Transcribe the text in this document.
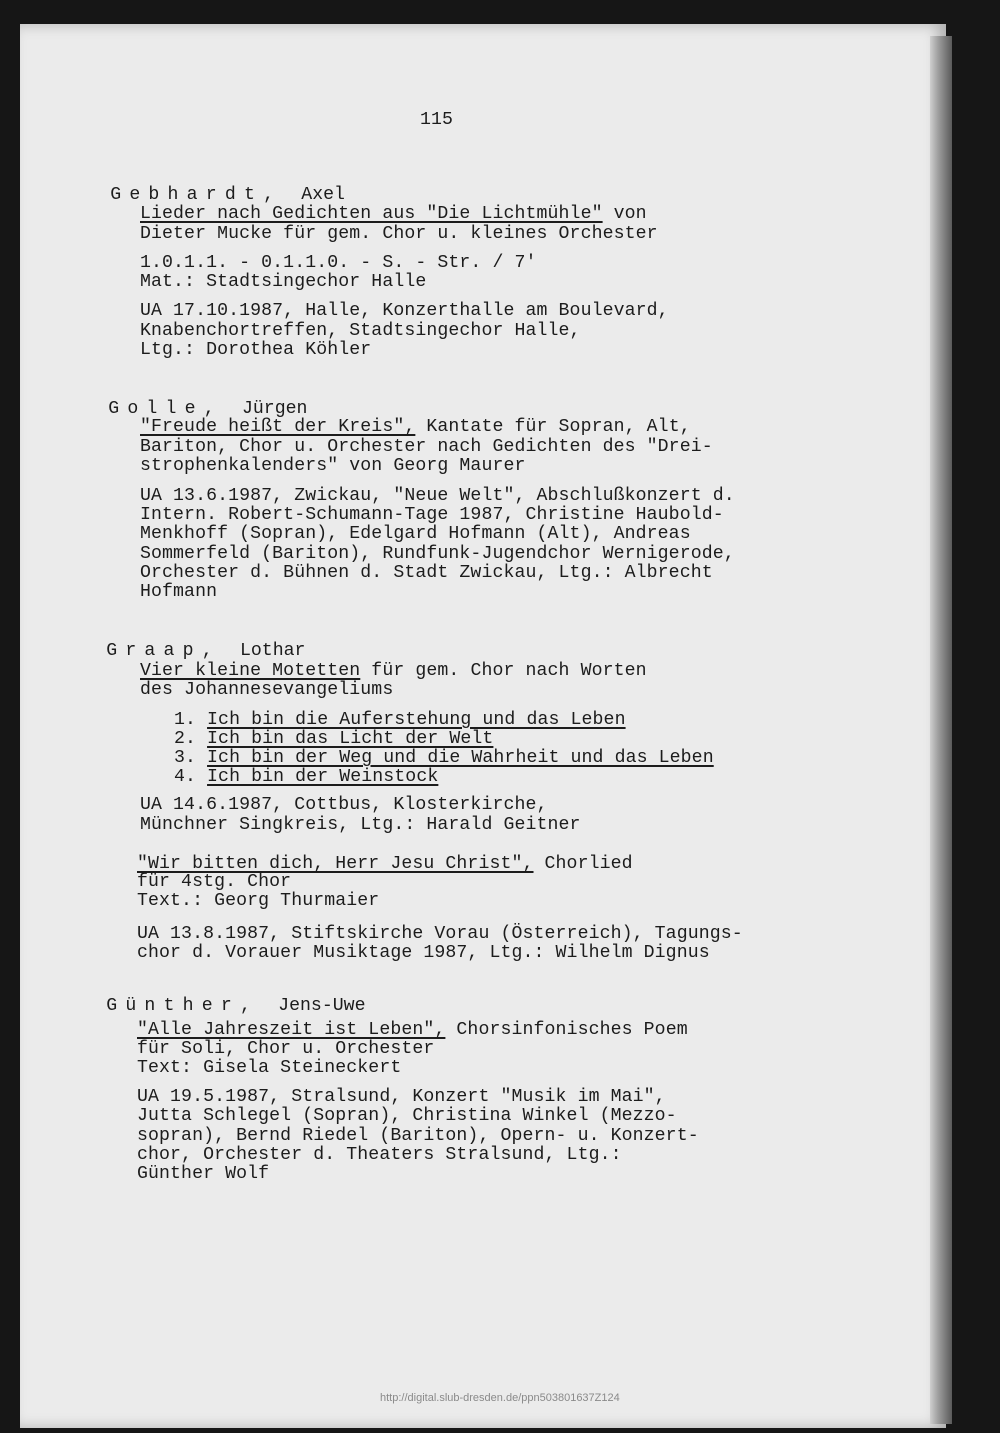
115

Gebhardt, Axel

Lieder nach Gedichten aus "Die Lichtmühle" von
Dieter Mucke für gem. Chor u. kleines Orchester
1.0.1.1. - 0.1.1.0. - S. - Str. / 7'
Mat.: Stadtsingechor Halle
UA 17.10.1987, Halle, Konzerthalle am Boulevard,
Knabenchortreffen, Stadtsingechor Halle,
Ltg.: Dorothea Köhler

Golle, Jürgen

"Freude heißt der Kreis", Kantate für Sopran, Alt,
Bariton, Chor u. Orchester nach Gedichten des "Drei-
strophenkalenders" von Georg Maurer
UA 13.6.1987, Zwickau, "Neue Welt", Abschlußkonzert d.
Intern. Robert-Schumann-Tage 1987, Christine Haubold-
Menkhoff (Sopran), Edelgard Hofmann (Alt), Andreas
Sommerfeld (Bariton), Rundfunk-Jugendchor Wernigerode,
Orchester d. Bühnen d. Stadt Zwickau, Ltg.: Albrecht
Hofmann

Graap, Lothar

Vier kleine Motetten für gem. Chor nach Worten
des Johannesevangeliums
1. Ich bin die Auferstehung und das Leben
2. Ich bin das Licht der Welt
3. Ich bin der Weg und die Wahrheit und das Leben
4. Ich bin der Weinstock
UA 14.6.1987, Cottbus, Klosterkirche,
Münchner Singkreis, Ltg.: Harald Geitner
"Wir bitten dich, Herr Jesu Christ", Chorlied
für 4stg. Chor
Text.: Georg Thurmaier
UA 13.8.1987, Stiftskirche Vorau (Österreich), Tagungs-
chor d. Vorauer Musiktage 1987, Ltg.: Wilhelm Dignus

Günther, Jens-Uwe

"Alle Jahreszeit ist Leben", Chorsinfonisches Poem
für Soli, Chor u. Orchester
Text: Gisela Steineckert
UA 19.5.1987, Stralsund, Konzert "Musik im Mai",
Jutta Schlegel (Sopran), Christina Winkel (Mezzo-
sopran), Bernd Riedel (Bariton), Opern- u. Konzert-
chor, Orchester d. Theaters Stralsund, Ltg.:
Günther Wolf
http://digital.slub-dresden.de/ppn503801637Z124
